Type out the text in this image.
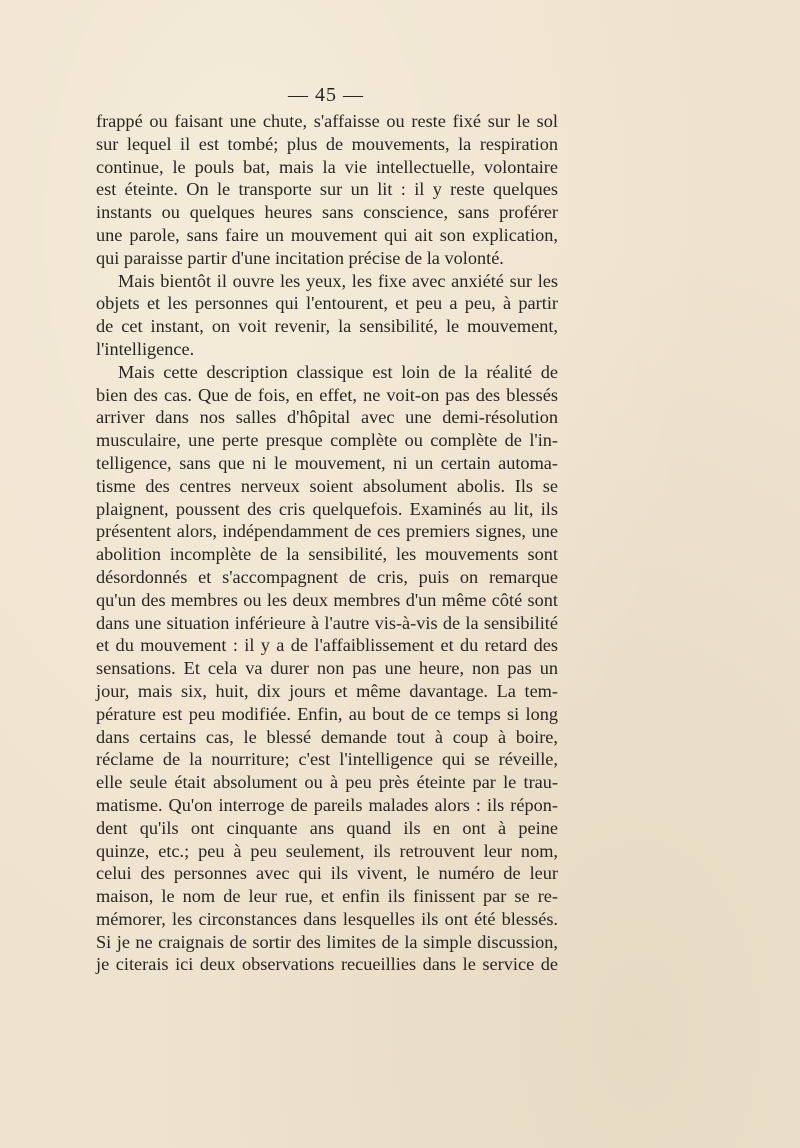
— 45 —
frappé ou faisant une chute, s'affaisse ou reste fixé sur le sol
sur lequel il est tombé; plus de mouvements, la respiration
continue, le pouls bat, mais la vie intellectuelle, volontaire
est éteinte. On le transporte sur un lit : il y reste quelques
instants ou quelques heures sans conscience, sans proférer
une parole, sans faire un mouvement qui ait son explication,
qui paraisse partir d'une incitation précise de la volonté.
Mais bientôt il ouvre les yeux, les fixe avec anxiété sur les
objets et les personnes qui l'entourent, et peu a peu, à partir
de cet instant, on voit revenir, la sensibilité, le mouvement,
l'intelligence.
Mais cette description classique est loin de la réalité de
bien des cas. Que de fois, en effet, ne voit-on pas des blessés
arriver dans nos salles d'hôpital avec une demi-résolution
musculaire, une perte presque complète ou complète de l'in-
telligence, sans que ni le mouvement, ni un certain automa-
tisme des centres nerveux soient absolument abolis. Ils se
plaignent, poussent des cris quelquefois. Examinés au lit, ils
présentent alors, indépendamment de ces premiers signes, une
abolition incomplète de la sensibilité, les mouvements sont
désordonnés et s'accompagnent de cris, puis on remarque
qu'un des membres ou les deux membres d'un même côté sont
dans une situation inférieure à l'autre vis-à-vis de la sensibilité
et du mouvement : il y a de l'affaiblissement et du retard des
sensations. Et cela va durer non pas une heure, non pas un
jour, mais six, huit, dix jours et même davantage. La tem-
pérature est peu modifiée. Enfin, au bout de ce temps si long
dans certains cas, le blessé demande tout à coup à boire,
réclame de la nourriture; c'est l'intelligence qui se réveille,
elle seule était absolument ou à peu près éteinte par le trau-
matisme. Qu'on interroge de pareils malades alors : ils répon-
dent qu'ils ont cinquante ans quand ils en ont à peine
quinze, etc.; peu à peu seulement, ils retrouvent leur nom,
celui des personnes avec qui ils vivent, le numéro de leur
maison, le nom de leur rue, et enfin ils finissent par se re-
mémorer, les circonstances dans lesquelles ils ont été blessés.
Si je ne craignais de sortir des limites de la simple discussion,
je citerais ici deux observations recueillies dans le service de
